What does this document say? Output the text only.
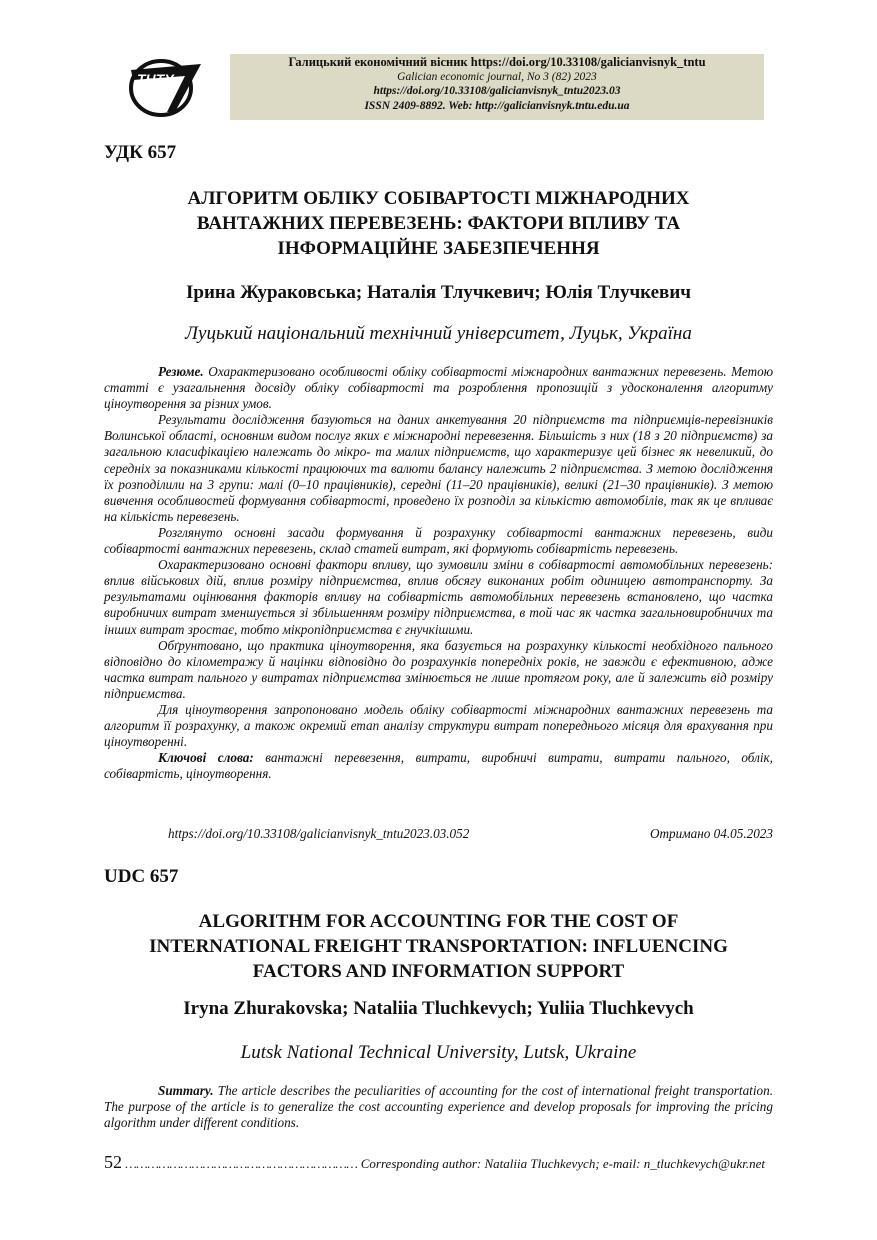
ТНТУ
Галицький економічний вісник https://doi.org/10.33108/galicianvisnyk_tntu
Galician economic journal, No 3 (82) 2023
https://doi.org/10.33108/galicianvisnyk_tntu2023.03
ISSN 2409-8892. Web: http://galicianvisnyk.tntu.edu.ua
УДК 657
АЛГОРИТМ ОБЛІКУ СОБІВАРТОСТІ МІЖНАРОДНИХ
ВАНТАЖНИХ ПЕРЕВЕЗЕНЬ: ФАКТОРИ ВПЛИВУ ТА
ІНФОРМАЦІЙНЕ ЗАБЕЗПЕЧЕННЯ
Ірина Жураковська; Наталія Тлучкевич; Юлія Тлучкевич
Луцький національний технічний університет, Луцьк, Україна

Резюме. Охарактеризовано особливості обліку собівартості міжнародних вантажних перевезень. Метою статті є узагальнення досвіду обліку собівартості та розроблення пропозицій з удосконалення алгоритму ціноутворення за різних умов.

Результати дослідження базуються на даних анкетування 20 підприємств та підприємців-перевізників Волинської області, основним видом послуг яких є міжнародні перевезення. Більшість з них (18 з 20 підприємств) за загальною класифікацією належать до мікро- та малих підприємств, що характеризує цей бізнес як невеликий, до середніх за показниками кількості працюючих та валюти балансу належить 2 підприємства. З метою дослідження їх розподілили на 3 групи: малі (0–10 працівників), середні (11–20 працівників), великі (21–30 працівників). З метою вивчення особливостей формування собівартості, проведено їх розподіл за кількістю автомобілів, так як це впливає на кількість перевезень.

Розглянуто основні засади формування й розрахунку собівартості вантажних перевезень, види собівартості вантажних перевезень, склад статей витрат, які формують собівартість перевезень.

Охарактеризовано основні фактори впливу, що зумовили зміни в собівартості автомобільних перевезень: вплив військових дій, вплив розміру підприємства, вплив обсягу виконаних робіт одиницею автотранспорту. За результатами оцінювання факторів впливу на собівартість автомобільних перевезень встановлено, що частка виробничих витрат зменшується зі збільшенням розміру підприємства, в той час як частка загальновиробничих та інших витрат зростає, тобто мікропідприємства є гнучкішими.

Обґрунтовано, що практика ціноутворення, яка базується на розрахунку кількості необхідного пального відповідно до кілометражу й націнки відповідно до розрахунків попередніх років, не завжди є ефективною, адже частка витрат пального у витратах підприємства змінюється не лише протягом року, але й залежить від розміру підприємства.

Для ціноутворення запропоновано модель обліку собівартості міжнародних вантажних перевезень та алгоритм її розрахунку, а також окремий етап аналізу структури витрат попереднього місяця для врахування при ціноутворенні.

Ключові слова: вантажні перевезення, витрати, виробничі витрати, витрати пального, облік, собівартість, ціноутворення.

https://doi.org/10.33108/galicianvisnyk_tntu2023.03.052	Отримано 04.05.2023
UDC 657
ALGORITHM FOR ACCOUNTING FOR THE COST OF
INTERNATIONAL FREIGHT TRANSPORTATION: INFLUENCING
FACTORS AND INFORMATION SUPPORT
Iryna Zhurakovska; Nataliia Tluchkevych; Yuliia Tluchkevych
Lutsk National Technical University, Lutsk, Ukraine

Summary. The article describes the peculiarities of accounting for the cost of international freight transportation. The purpose of the article is to generalize the cost accounting experience and develop proposals for improving the pricing algorithm under different conditions.

52 ……………………………………………………… Corresponding author: Nataliia Tluchkevych; e-mail: n_tluchkevych@ukr.net
